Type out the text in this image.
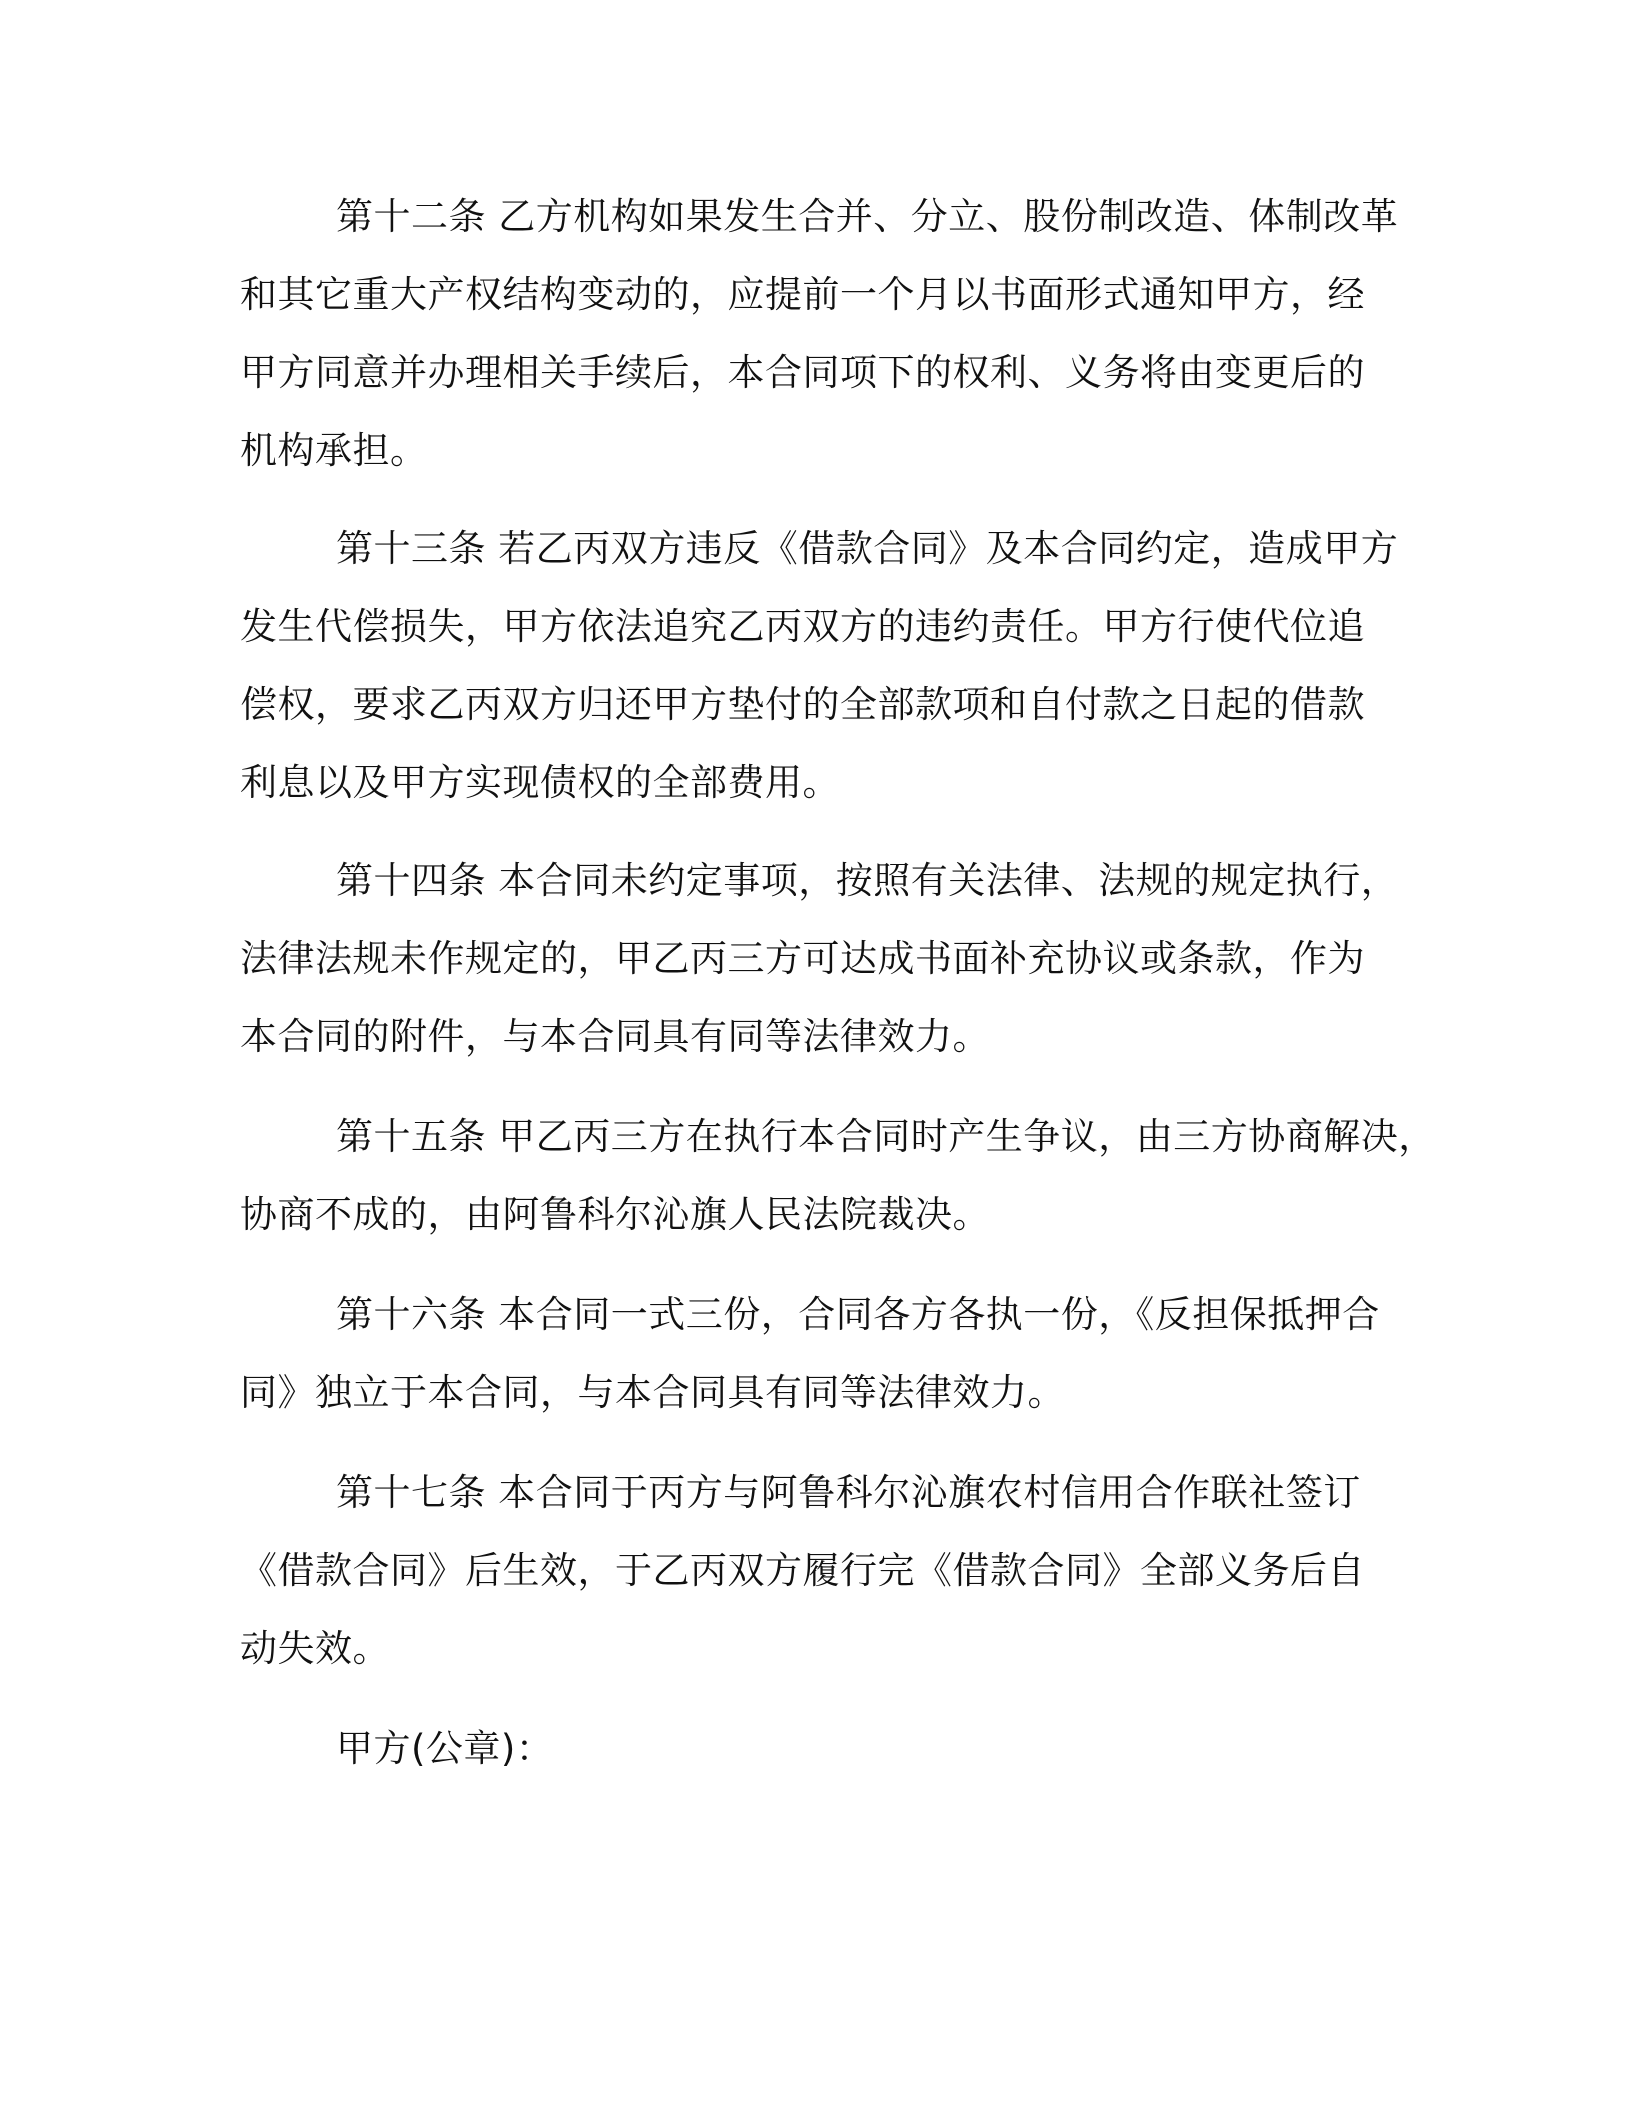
第十二条 乙方机构如果发生合并、分立、股份制改造、体制改革
和其它重大产权结构变动的，应提前一个月以书面形式通知甲方，经
甲方同意并办理相关手续后，本合同项下的权利、义务将由变更后的
机构承担。
第十三条 若乙丙双方违反《借款合同》及本合同约定，造成甲方
发生代偿损失，甲方依法追究乙丙双方的违约责任。甲方行使代位追
偿权，要求乙丙双方归还甲方垫付的全部款项和自付款之日起的借款
利息以及甲方实现债权的全部费用。
第十四条 本合同未约定事项，按照有关法律、法规的规定执行，
法律法规未作规定的，甲乙丙三方可达成书面补充协议或条款，作为
本合同的附件，与本合同具有同等法律效力。
第十五条 甲乙丙三方在执行本合同时产生争议，由三方协商解决，
协商不成的，由阿鲁科尔沁旗人民法院裁决。
第十六条 本合同一式三份，合同各方各执一份，《反担保抵押合
同》独立于本合同，与本合同具有同等法律效力。
第十七条 本合同于丙方与阿鲁科尔沁旗农村信用合作联社签订
《借款合同》后生效，于乙丙双方履行完《借款合同》全部义务后自
动失效。
甲方(公章)：
